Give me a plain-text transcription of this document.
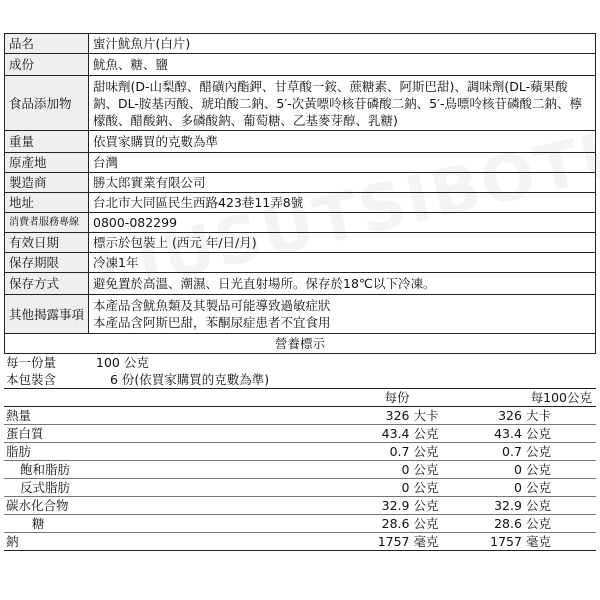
品名	蜜汁魷魚片(白片)
成份	魷魚、糖、鹽
食品添加物	甜味劑(D-山梨醇、醋磺內酯鉀、甘草酸一銨、蔗糖素、阿斯巴甜)、調味劑(DL-蘋果酸鈉、DL-胺基丙酸、琥珀酸二鈉、5′-次黃嘌呤核苷磷酸二鈉、5′-鳥嘌呤核苷磷酸二鈉、檸檬酸、醋酸鈉、多磷酸鈉、葡萄糖、乙基麥芽醇、乳糖)
重量	依買家購買的克數為準
原產地	台灣
製造商	勝太郎實業有限公司
地址	台北市大同區民生西路423巷11弄8號
消費者服務專線	0800-082299
有效日期	標示於包裝上 (西元 年/日/月)
保存期限	冷凍1年
保存方式	避免置於高溫、潮濕、日光直射場所。保存於18℃以下冷凍。
其他揭露事項	本產品含魷魚類及其製品可能導致過敏症狀
本產品含阿斯巴甜，苯酮尿症患者不宜食用

營養標示	
每一份量	100 公克
本包裝含	6 份(依買家購買的克數為準)
	每份		每100公克	
熱量	326	大卡	326	大卡
蛋白質	43.4	公克	43.4	公克
脂肪	0.7	公克	0.7	公克
飽和脂肪	0	公克	0	公克
反式脂肪	0	公克	0	公克
碳水化合物	32.9	公克	32.9	公克
糖	28.6	公克	28.6	公克
鈉	1757	毫克	1757	毫克
